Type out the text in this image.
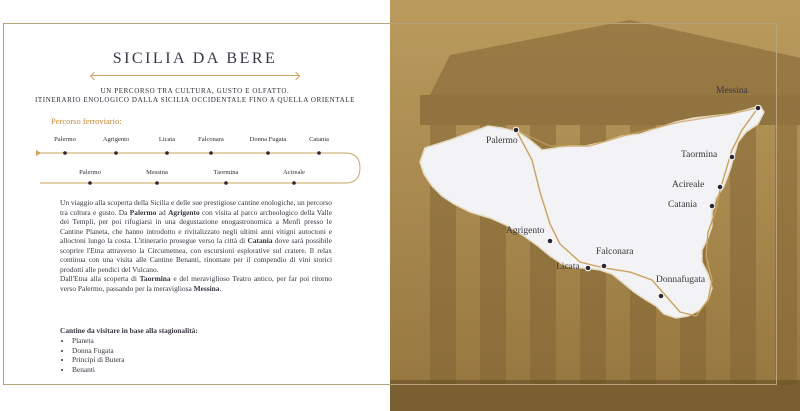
Messina
Palermo
Taormina
Acireale
Catania
Agrigento
Falconara
Licata
Donnafugata
SICILIA DA BERE
UN PERCORSO TRA CULTURA, GUSTO E OLFATTO.
ITINERARIO ENOLOGICO DALLA SICILIA OCCIDENTALE FINO A QUELLA ORIENTALE
Percorso ferroviario:
Palermo	Agrigento	Licata	Falconara	Donna Fugata	Catania
Palermo	Messina	Taormina	Acireale

Un viaggio alla scoperta della Sicilia e delle sue prestigiose cantine enologiche, un percorso tra cultura e gusto. Da Palermo ad Agrigento con visita al parco archeologico della Valle dei Templi, per poi rifugiarsi in una degustazione enogastronomica a Menfi presso le Cantine Planeta, che hanno introdotto e rivitalizzato negli ultimi anni vitigni autoctoni e alloctoni lungo la costa. L'itinerario prosegue verso la città di Catania dove sarà possibile scoprire l'Etna attraverso la Circumetnea, con escursioni esplorative sul cratere. Il relax continua con una visita alle Cantine Benanti, rinomate per il compendio di vini storici prodotti alle pendici del Vulcano.
Dall'Etna alla scoperta di Taormina e del meraviglioso Teatro antico, per far poi ritorno verso Palermo, passando per la meravigliosa Messina.

Cantine da visitare in base alla stagionalità:
• Planeta
• Donna Fugata
• Principi di Butera
• Benanti
